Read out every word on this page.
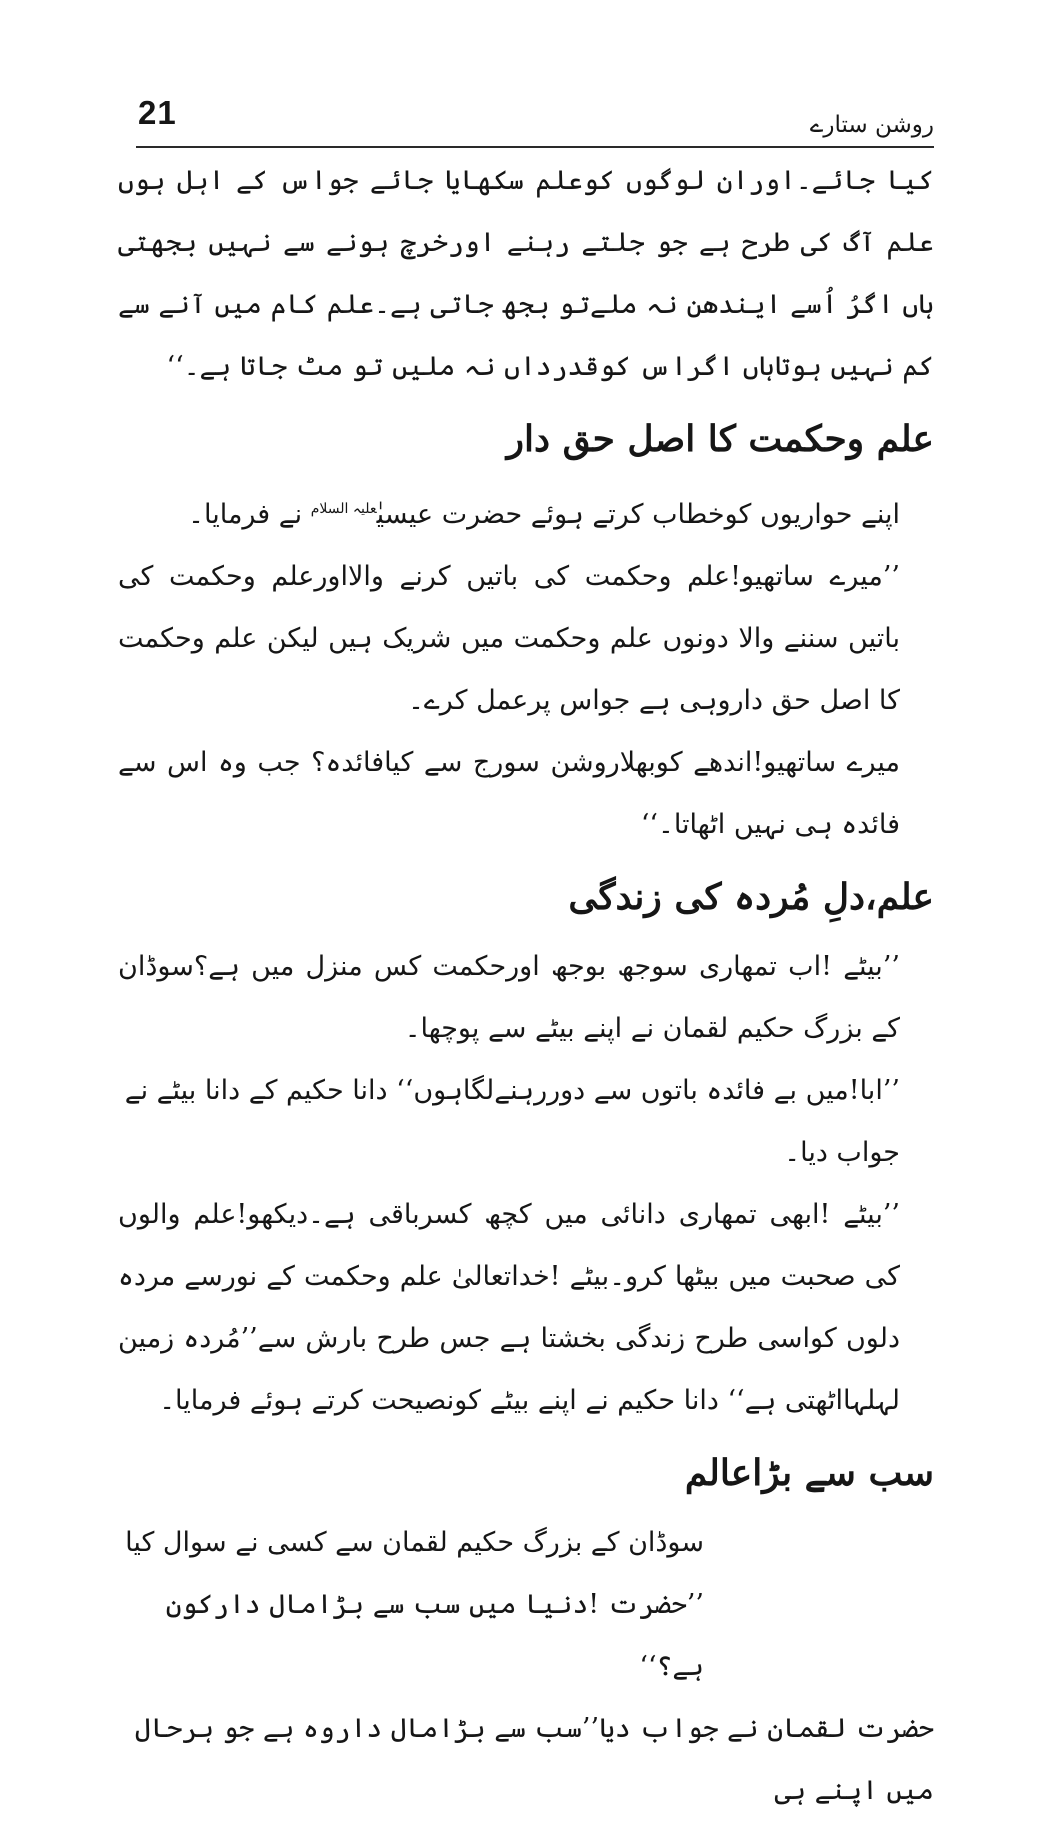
21	روشن ستارے

کیا جائے۔اوران لوگوں کوعلم سکھایا جائے جواس کے اہل ہوں علم آگ کی طرح ہے جو جلتے رہنے اورخرچ ہونے سے نہیں بجھتی ہاں اگرُ اُسے ایندھن نہ ملےتو بجھ جاتی ہے۔علم کام میں آنے سے کم نہیں ہوتاہاں اگراس کوقدرداں نہ ملیں تو مٹ جاتا ہے۔‘‘

علم وحکمت کا اصل حق دار

اپنے حواریوں کوخطاب کرتے ہوئے حضرت عیسیٰ$^{علیہ السلام}$ نے فرمایا۔

’’میرے ساتھیو!علم وحکمت کی باتیں کرنے والااورعلم وحکمت کی باتیں سننے والا دونوں علم وحکمت میں شریک ہیں لیکن علم وحکمت کا اصل حق داروہی ہے جواس پرعمل کرے۔

میرے ساتھیو!اندھے کوبھلاروشن سورج سے کیافائدہ؟ جب وہ اس سے فائدہ ہی نہیں اٹھاتا۔‘‘

علم،دلِ مُردہ کی زندگی

’’بیٹے !اب تمھاری سوجھ بوجھ اورحکمت کس منزل میں ہے؟سوڈان کے بزرگ حکیم لقمان نے اپنے بیٹے سے پوچھا۔

’’ابا!میں بے فائدہ باتوں سے دوررہنےلگاہوں‘‘ دانا حکیم کے دانا بیٹے نے جواب دیا۔

’’بیٹے !ابھی تمھاری دانائی میں کچھ کسرباقی ہے۔دیکھو!علم والوں کی صحبت میں بیٹھا کرو۔بیٹے !خداتعالیٰ علم وحکمت کے نورسے مردہ دلوں کواسی طرح زندگی بخشتا ہے جس طرح بارش سے’’مُردہ زمین لہلہااٹھتی ہے‘‘ دانا حکیم نے اپنے بیٹے کونصیحت کرتے ہوئے فرمایا۔

سب سے بڑاعالم

سوڈان کے بزرگ حکیم لقمان سے کسی نے سوال کیا

’’حضرت !دنیا میں سب سے بڑامال دارکون ہے؟‘‘

حضرت لقمان نے جواب دیا’’سب سے بڑامال داروہ ہے جو ہرحال میں اپنے ہی
